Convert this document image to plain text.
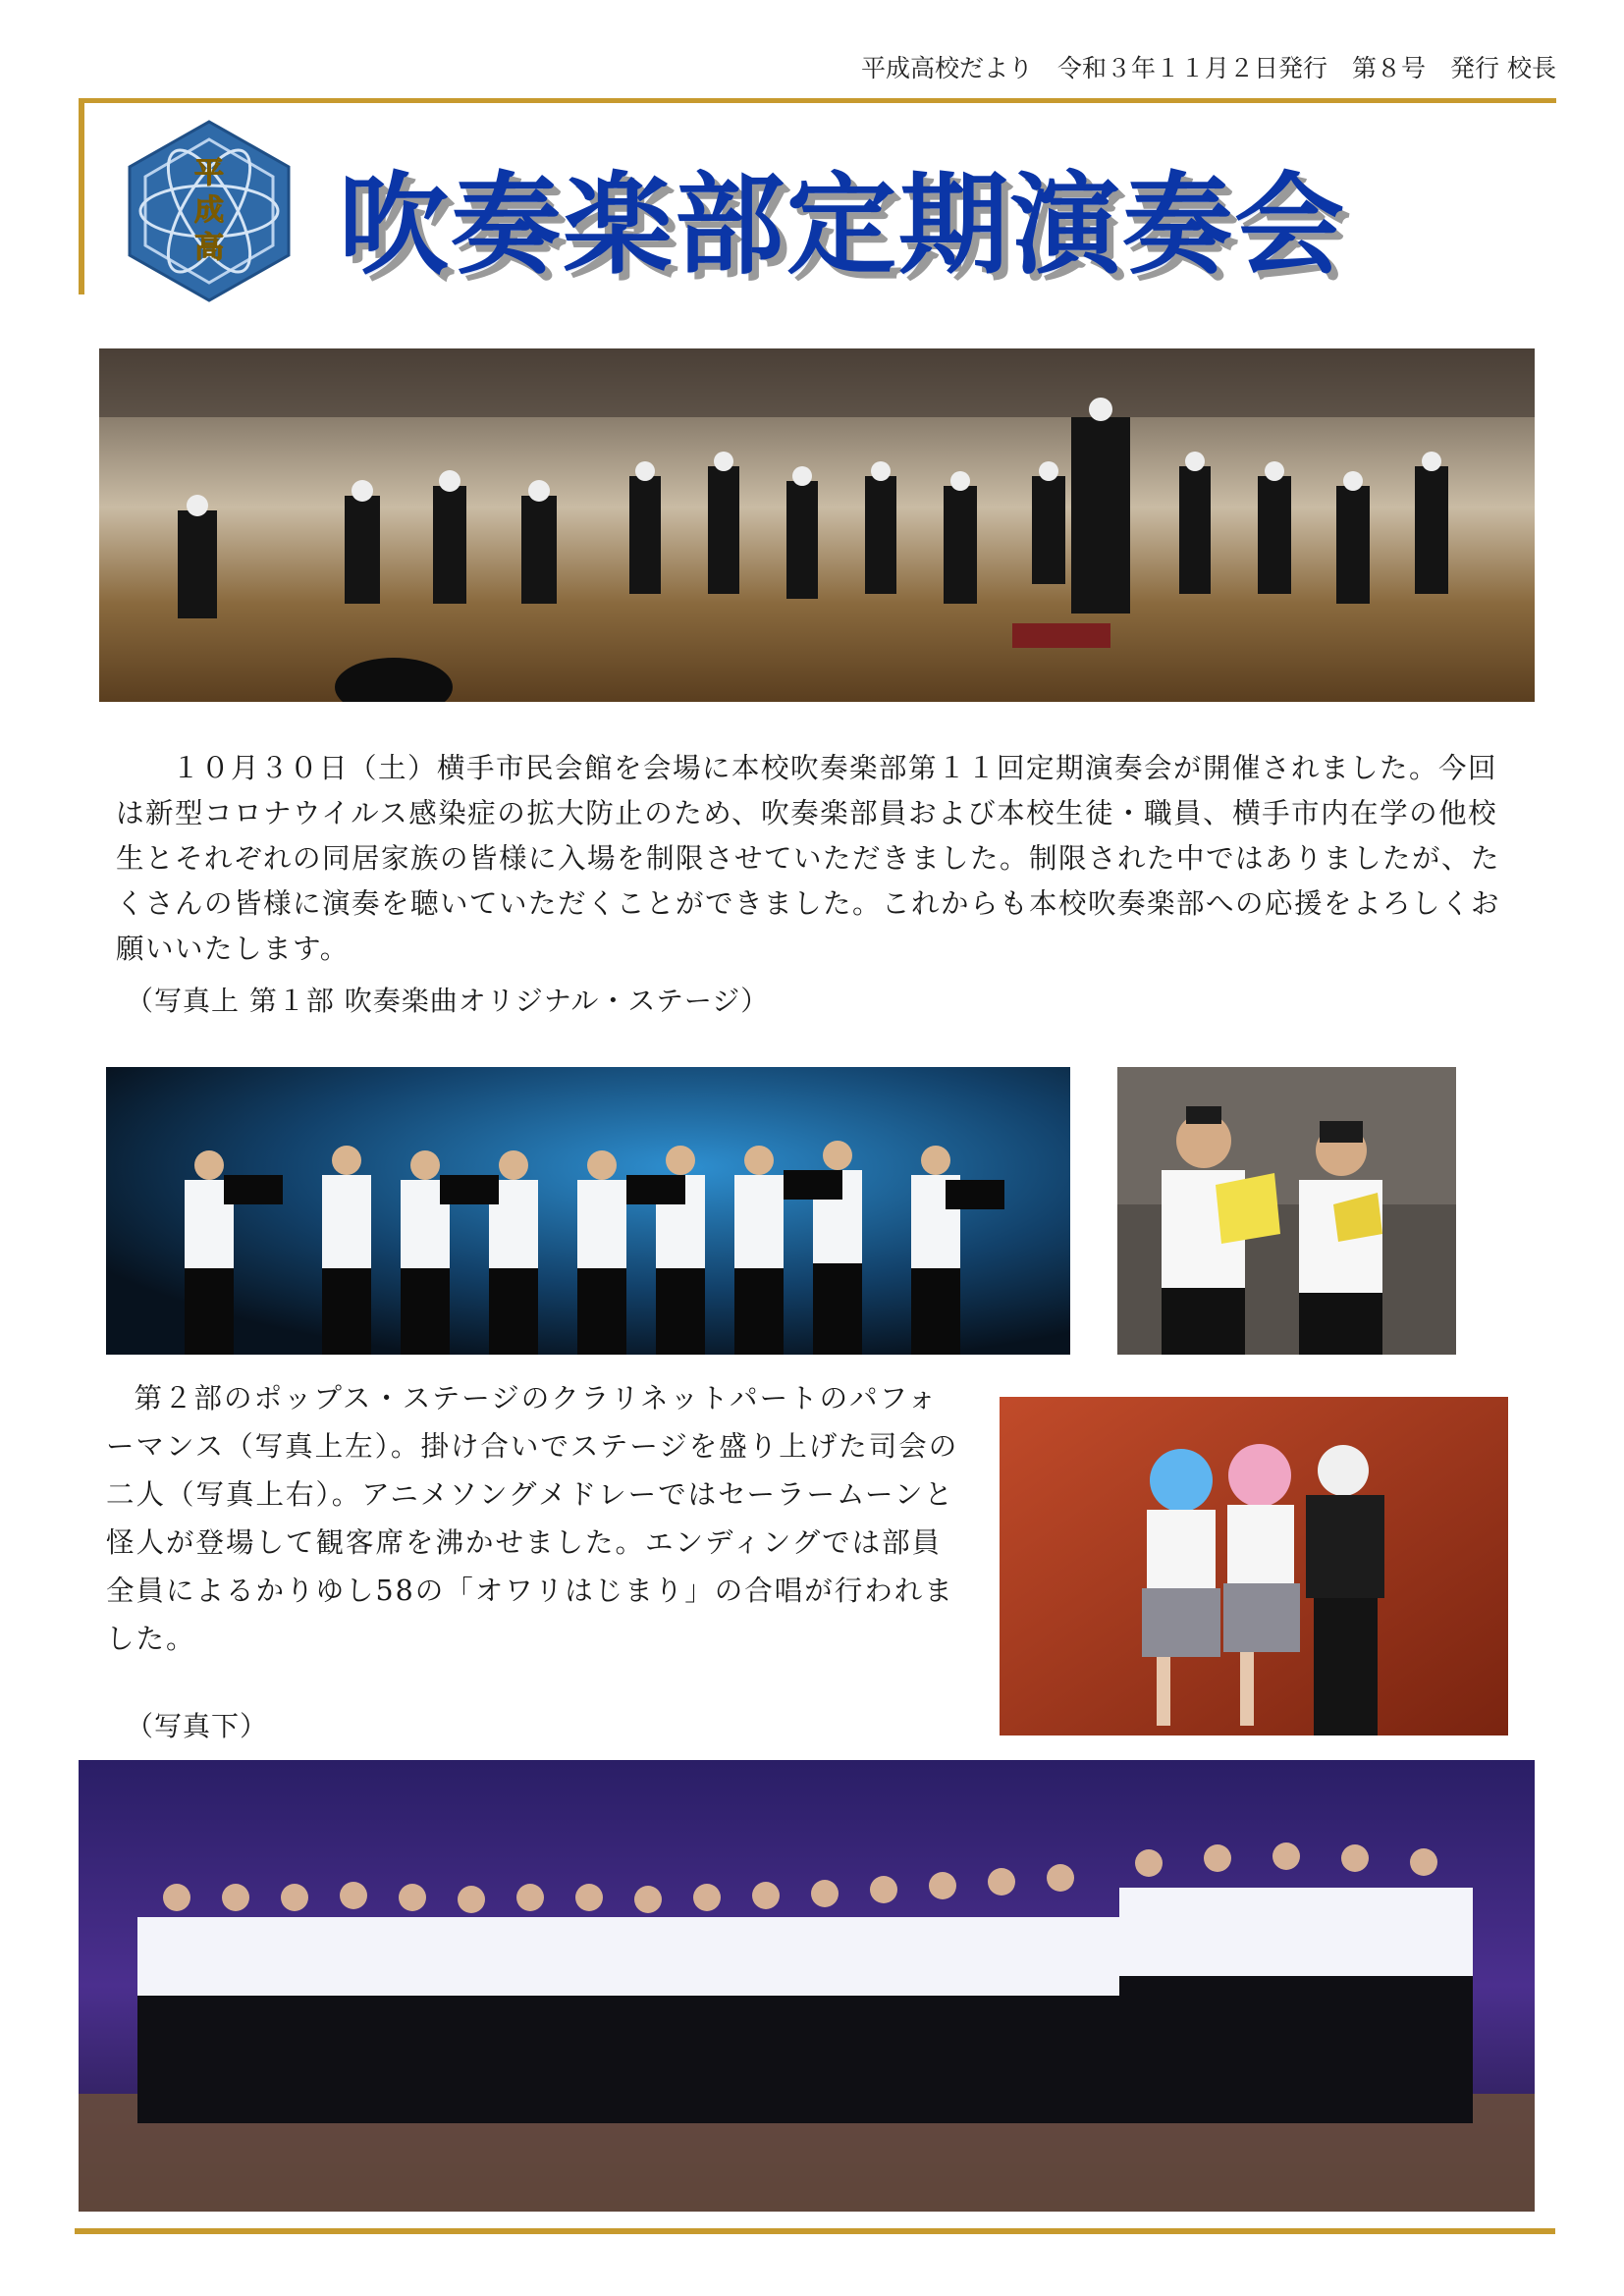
平成高校だより　令和３年１１月２日発行　第８号　発行 校長
平
成
高 吹奏楽部定期演奏会

１０月３０日（土）横手市民会館を会場に本校吹奏楽部第１１回定期演奏会が開催されました。今回は新型コロナウイルス感染症の拡大防止のため、吹奏楽部員および本校生徒・職員、横手市内在学の他校生とそれぞれの同居家族の皆様に入場を制限させていただきました。制限された中ではありましたが、たくさんの皆様に演奏を聴いていただくことができました。これからも本校吹奏楽部への応援をよろしくお願いいたします。

（写真上 第１部 吹奏楽曲オリジナル・ステージ）

第２部のポップス・ステージのクラリネットパートのパフォーマンス（写真上左）。掛け合いでステージを盛り上げた司会の二人（写真上右）。アニメソングメドレーではセーラームーンと怪人が登場して観客席を沸かせました。エンディングでは部員全員によるかりゆし58の「オワリはじまり」の合唱が行われました。

（写真下）
